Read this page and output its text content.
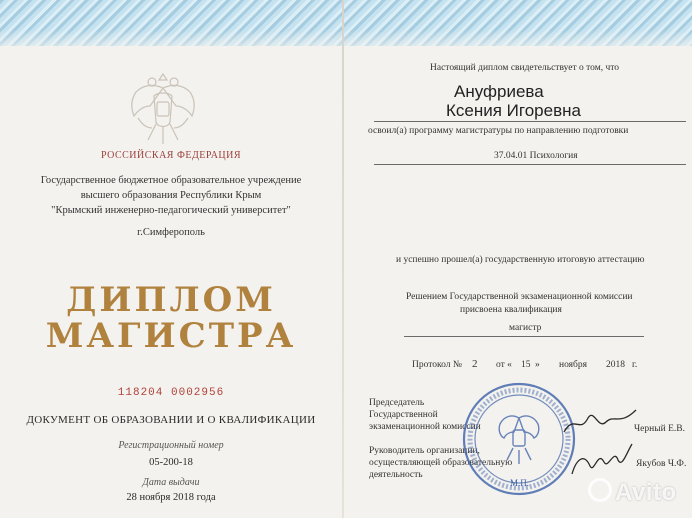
РОССИЙСКАЯ ФЕДЕРАЦИЯ
Государственное бюджетное образовательное учреждение
высшего образования Республики Крым
"Крымский инженерно-педагогический университет"
г.Симферополь
ДИПЛОМ
МАГИСТРА
118204 0002956
ДОКУМЕНТ ОБ ОБРАЗОВАНИИ И О КВАЛИФИКАЦИИ
Регистрационный номер
05-200-18
Дата выдачи
28 ноября 2018 года
Настоящий диплом свидетельствует о том, что
Ануфриева
Ксения Игоревна
освоил(а) программу магистратуры по направлению подготовки
37.04.01 Психология
и успешно прошел(а) государственную итоговую аттестацию
Решением Государственной экзаменационной комиссии
присвоена квалификация
магистр
Протокол № 2 от « 15 » ноября 2018 г.
Председатель
Государственной
экзаменационной комиссии	Черный Е.В.
Руководитель организации,
осуществляющей образовательную
деятельность
Якубов Ч.Ф.
М.П.	Avito
